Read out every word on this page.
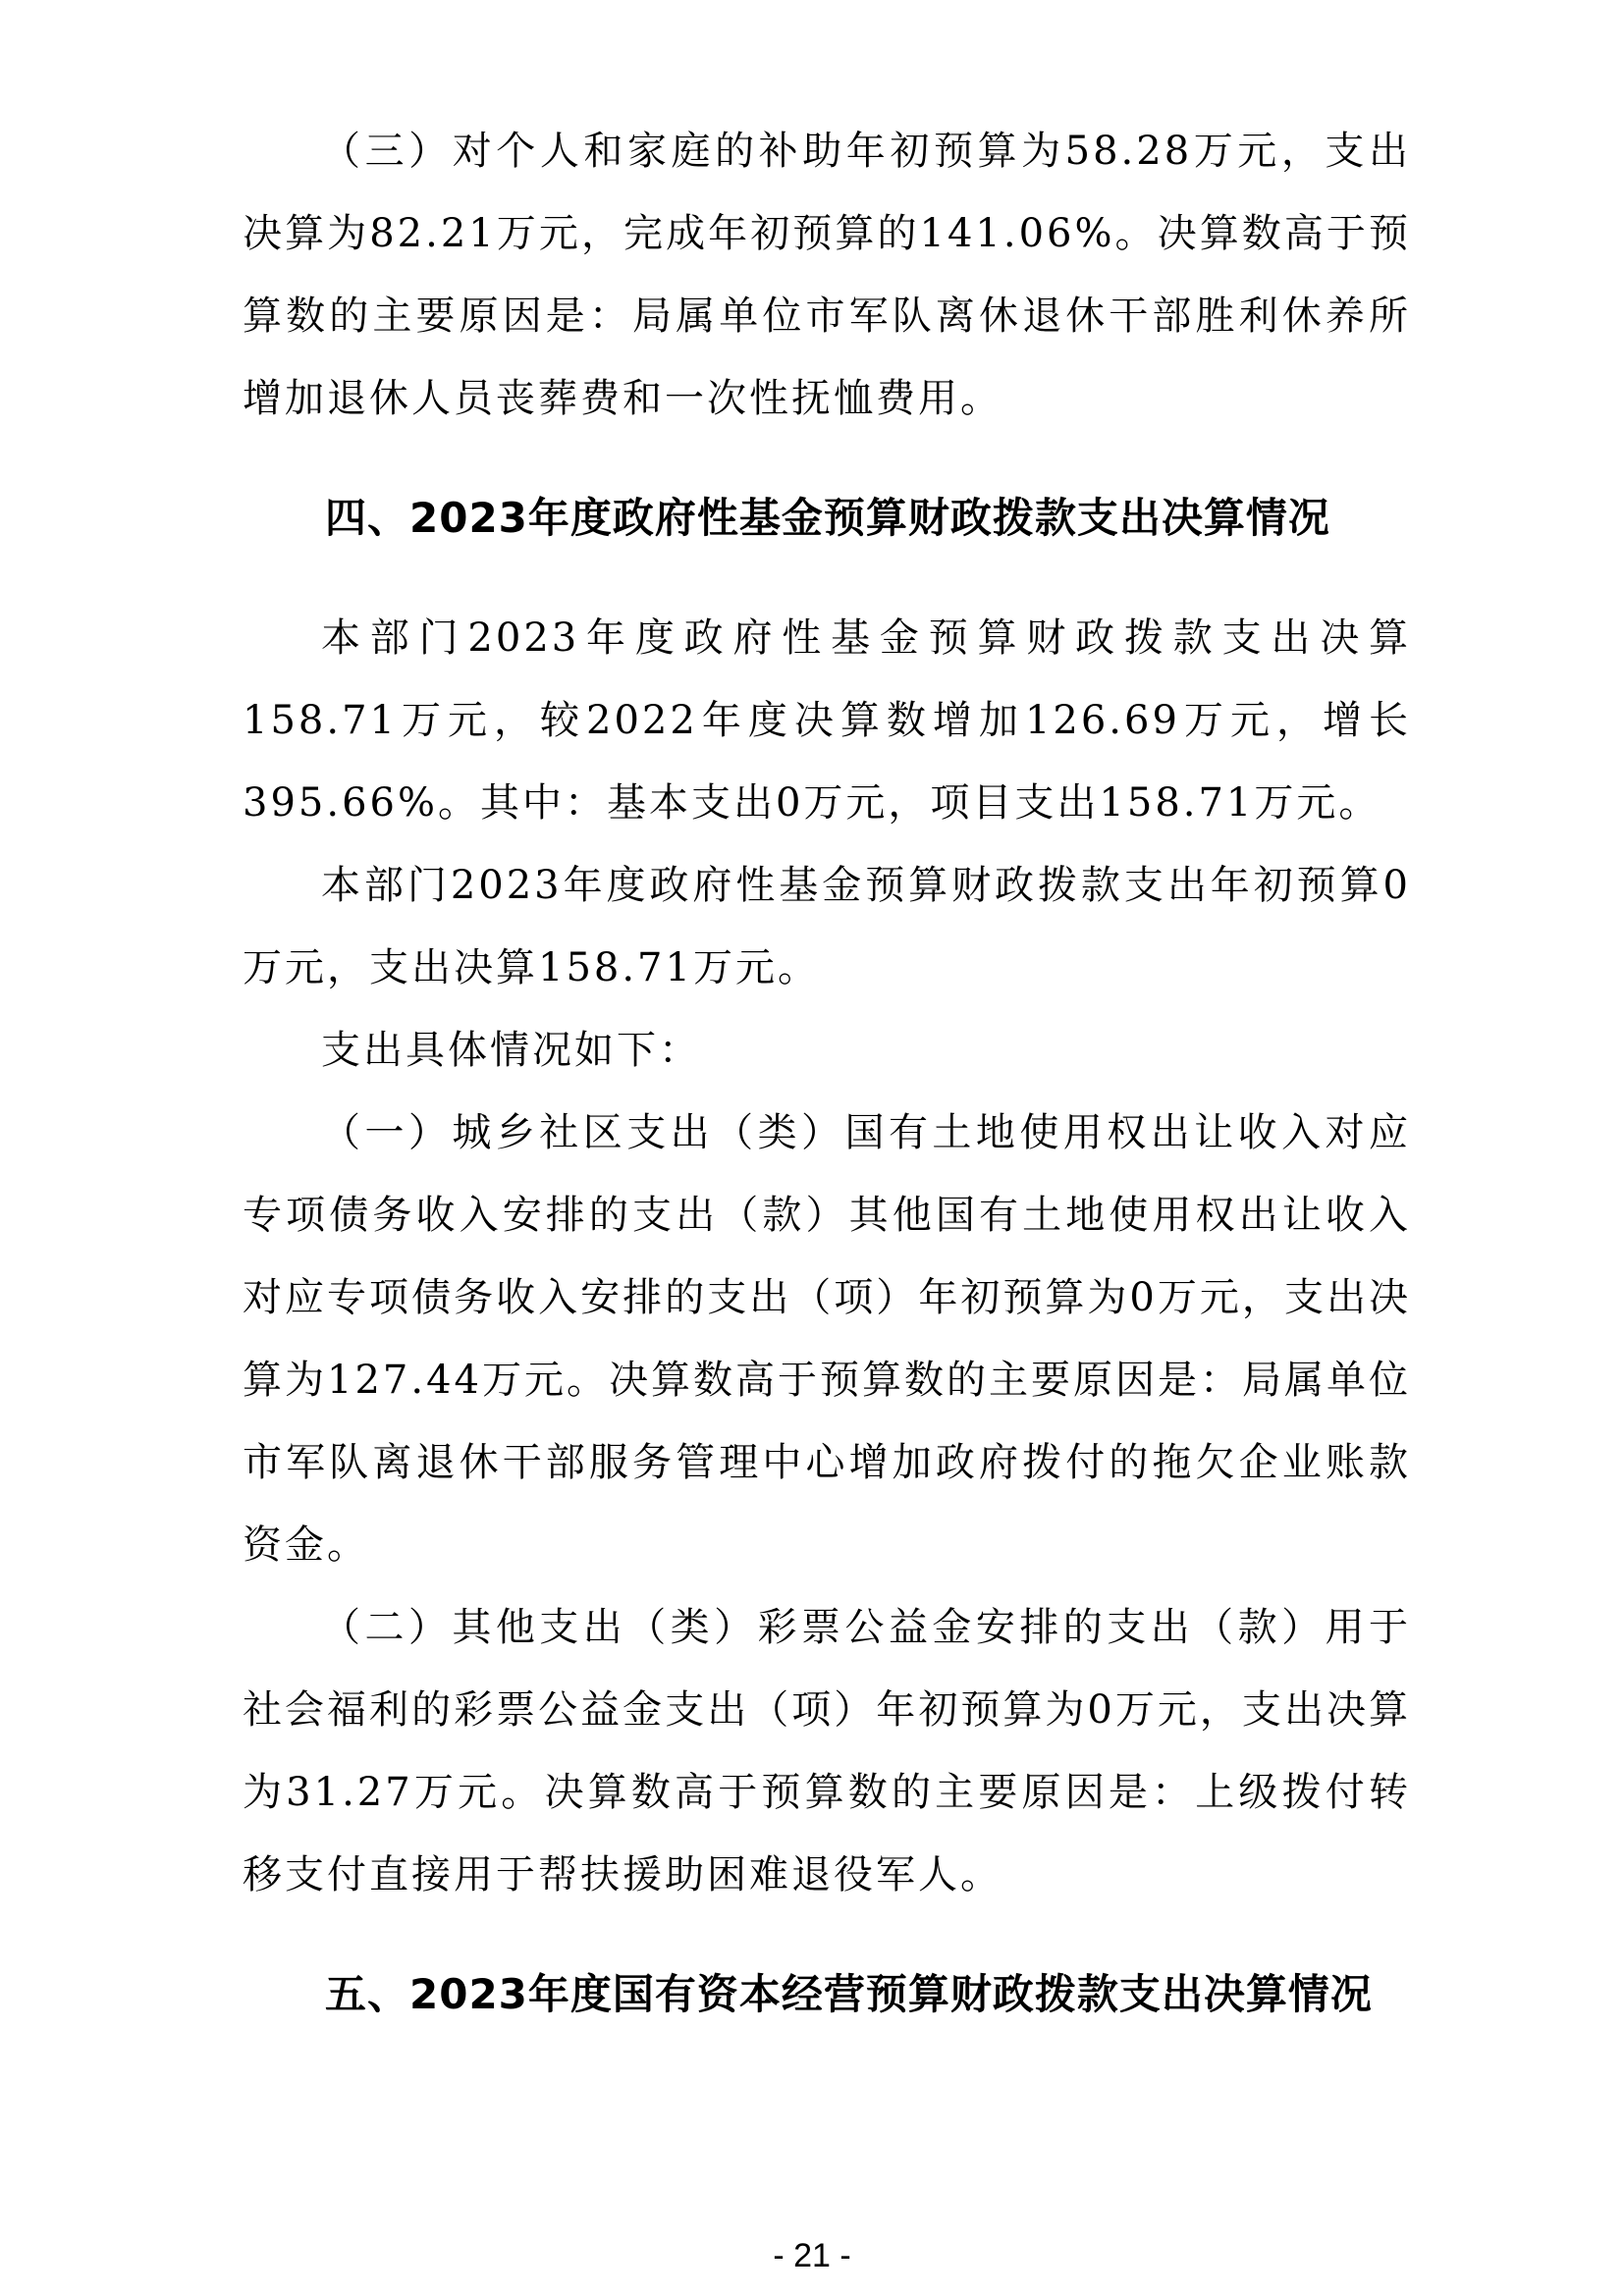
（三）对个人和家庭的补助年初预算为58.28万元，支出决算为82.21万元，完成年初预算的141.06%。决算数高于预算数的主要原因是：局属单位市军队离休退休干部胜利休养所增加退休人员丧葬费和一次性抚恤费用。

四、2023年度政府性基金预算财政拨款支出决算情况

本部门2023年度政府性基金预算财政拨款支出决算158.71万元，较2022年度决算数增加126.69万元，增长395.66%。其中：基本支出0万元，项目支出158.71万元。

本部门2023年度政府性基金预算财政拨款支出年初预算0万元，支出决算158.71万元。

支出具体情况如下：

（一）城乡社区支出（类）国有土地使用权出让收入对应专项债务收入安排的支出（款）其他国有土地使用权出让收入对应专项债务收入安排的支出（项）年初预算为0万元，支出决算为127.44万元。决算数高于预算数的主要原因是：局属单位市军队离退休干部服务管理中心增加政府拨付的拖欠企业账款资金。

（二）其他支出（类）彩票公益金安排的支出（款）用于社会福利的彩票公益金支出（项）年初预算为0万元，支出决算为31.27万元。决算数高于预算数的主要原因是：上级拨付转移支付直接用于帮扶援助困难退役军人。

五、2023年度国有资本经营预算财政拨款支出决算情况

- 21 -
